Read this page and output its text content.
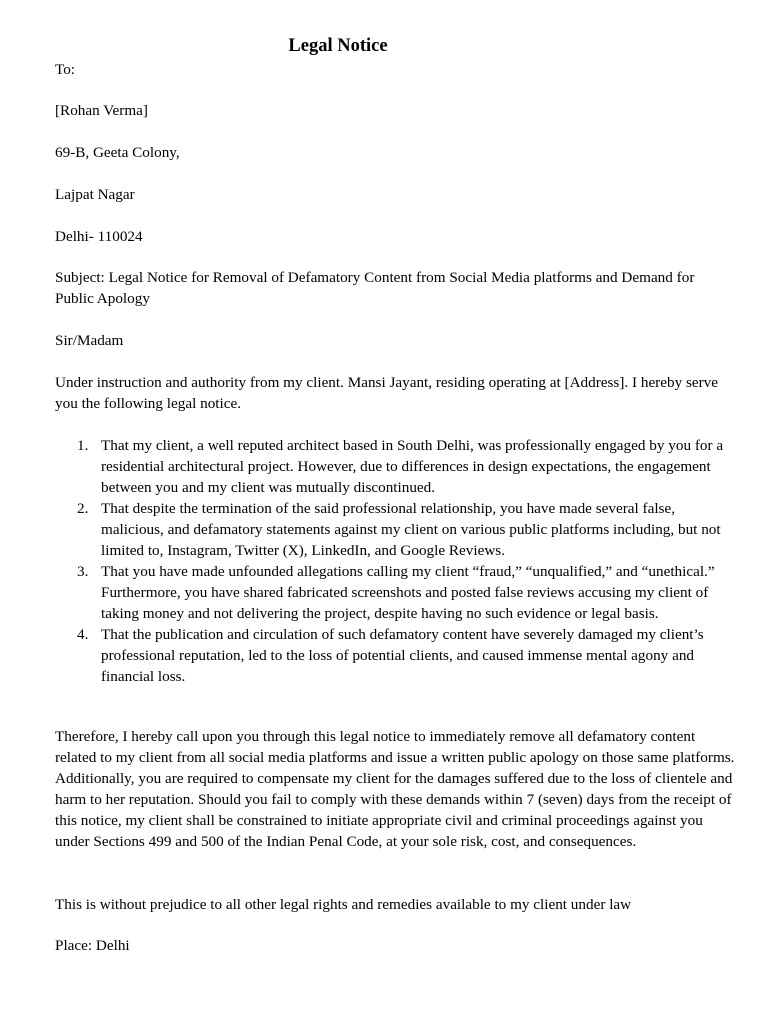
Legal Notice

To:

[Rohan Verma]

69-B, Geeta Colony,

Lajpat Nagar

Delhi- 110024

Subject: Legal Notice for Removal of Defamatory Content from Social Media platforms and Demand for Public Apology

Sir/Madam

Under instruction and authority from my client. Mansi Jayant, residing operating at [Address]. I hereby serve you the following legal notice.

1. That my client, a well reputed architect based in South Delhi, was professionally engaged by you for a residential architectural project. However, due to differences in design expectations, the engagement between you and my client was mutually discontinued.
2. That despite the termination of the said professional relationship, you have made several false, malicious, and defamatory statements against my client on various public platforms including, but not limited to, Instagram, Twitter (X), LinkedIn, and Google Reviews.
3. That you have made unfounded allegations calling my client “fraud,” “unqualified,” and “unethical.” Furthermore, you have shared fabricated screenshots and posted false reviews accusing my client of taking money and not delivering the project, despite having no such evidence or legal basis.
4. That the publication and circulation of such defamatory content have severely damaged my client’s professional reputation, led to the loss of potential clients, and caused immense mental agony and financial loss.

Therefore, I hereby call upon you through this legal notice to immediately remove all defamatory content related to my client from all social media platforms and issue a written public apology on those same platforms. Additionally, you are required to compensate my client for the damages suffered due to the loss of clientele and harm to her reputation. Should you fail to comply with these demands within 7 (seven) days from the receipt of this notice, my client shall be constrained to initiate appropriate civil and criminal proceedings against you under Sections 499 and 500 of the Indian Penal Code, at your sole risk, cost, and consequences.

This is without prejudice to all other legal rights and remedies available to my client under law

Place: Delhi
